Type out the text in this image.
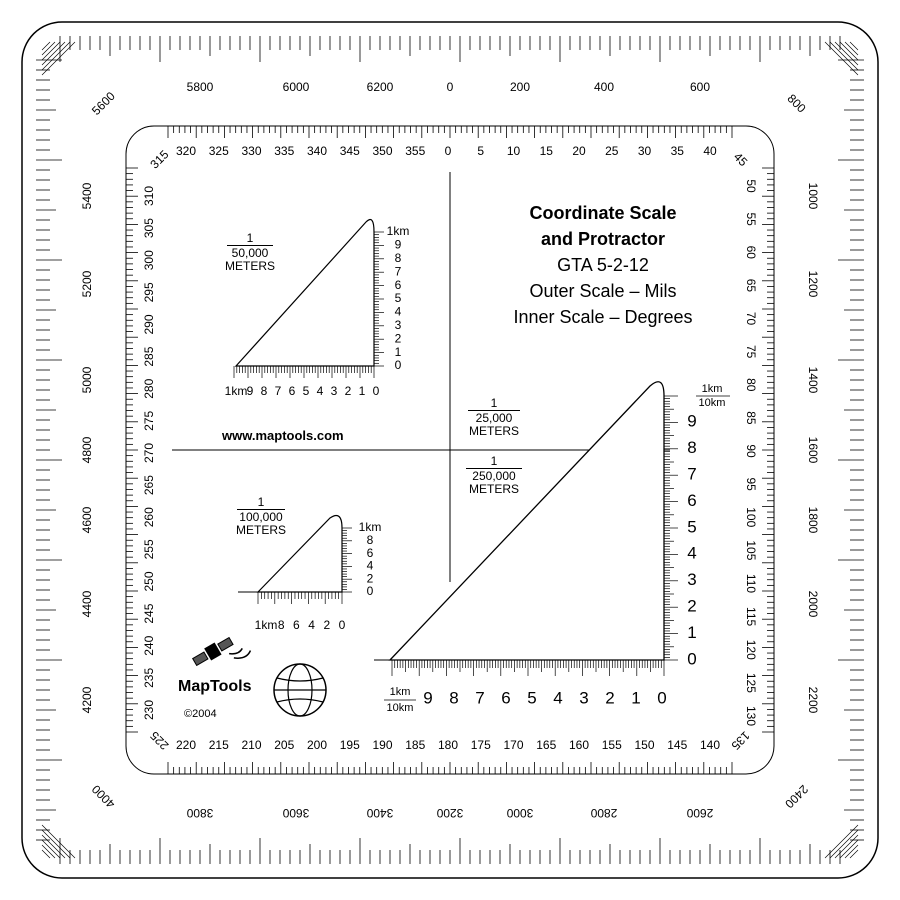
5800	6000	6200	0	200	400	600
3800	3600	3400	3200	3000	2800	2600
5400
5200
5000
4800
4600
4400
4200
1000
1200
1400
1600
1800
2000
2200
5600	800
2400
4000
320 325 330 335 340 345 350 355 0 5 10 15 20 25 30 35 40
220 215 210 205 200 195 190 185 180 175 170 165 160 155 150 145 140
50
55
60
65
70
75
80
85
90
95
100
105
110
115
120
125
130
310
305
300
295
290
285
280
275
270
265
260
255
250
245
240
235
230
315	45
135
225
1km
9
8
7
6
5
4
3
2
1
0
1km 9 8 7 6 5 4 3 2 1 0
1km
8
6
4
2
0
1km 8 6 4 2 0
9
8
7
6
5
4
3
2
1
0
1km
10km
9 8 7 6 5 4 3 2 1 0
1km
10km
Coordinate Scale
and Protractor
GTA 5-2-12
Outer Scale – Mils
Inner Scale – Degrees
1
50,000
METERS
1
100,000
METERS
1
25,000
METERS
1
250,000
METERS
www.maptools.com
MapTools
©2004
